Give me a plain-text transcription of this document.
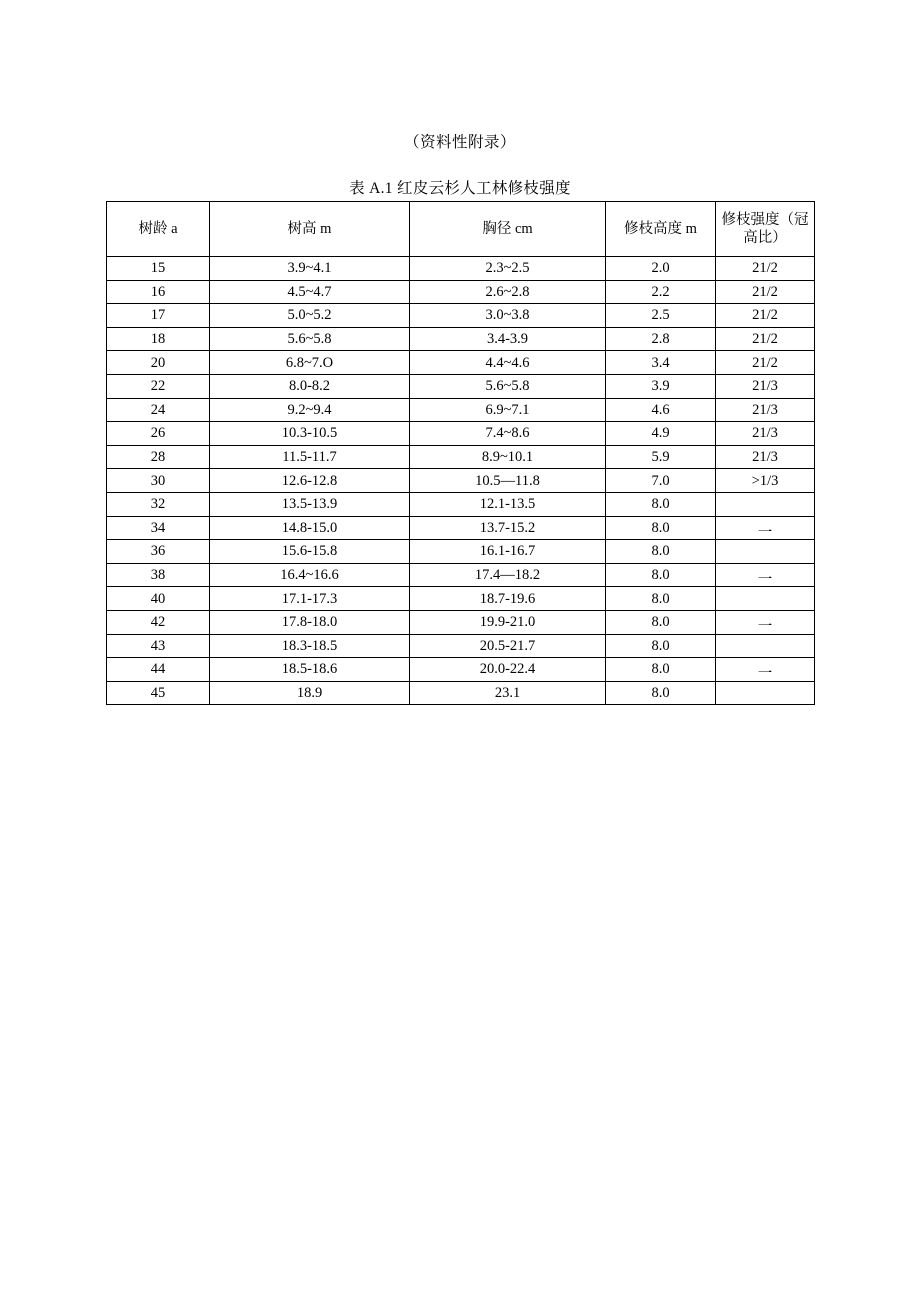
（资料性附录）
表 A.1 红皮云杉人工林修枝强度
树龄 a	树高 m	胸径 cm	修枝高度 m	修枝强度（冠高比）
15	3.9~4.1	2.3~2.5	2.0	21/2
16	4.5~4.7	2.6~2.8	2.2	21/2
17	5.0~5.2	3.0~3.8	2.5	21/2
18	5.6~5.8	3.4-3.9	2.8	21/2
20	6.8~7.O	4.4~4.6	3.4	21/2
22	8.0-8.2	5.6~5.8	3.9	21/3
24	9.2~9.4	6.9~7.1	4.6	21/3
26	10.3-10.5	7.4~8.6	4.9	21/3
28	11.5-11.7	8.9~10.1	5.9	21/3
30	12.6-12.8	10.5—11.8	7.0	>1/3
32	13.5-13.9	12.1-13.5	8.0	
34	14.8-15.0	13.7-15.2	8.0	一
36	15.6-15.8	16.1-16.7	8.0	
38	16.4~16.6	17.4—18.2	8.0	一
40	17.1-17.3	18.7-19.6	8.0	
42	17.8-18.0	19.9-21.0	8.0	一
43	18.3-18.5	20.5-21.7	8.0	
44	18.5-18.6	20.0-22.4	8.0	一
45	18.9	23.1	8.0	
